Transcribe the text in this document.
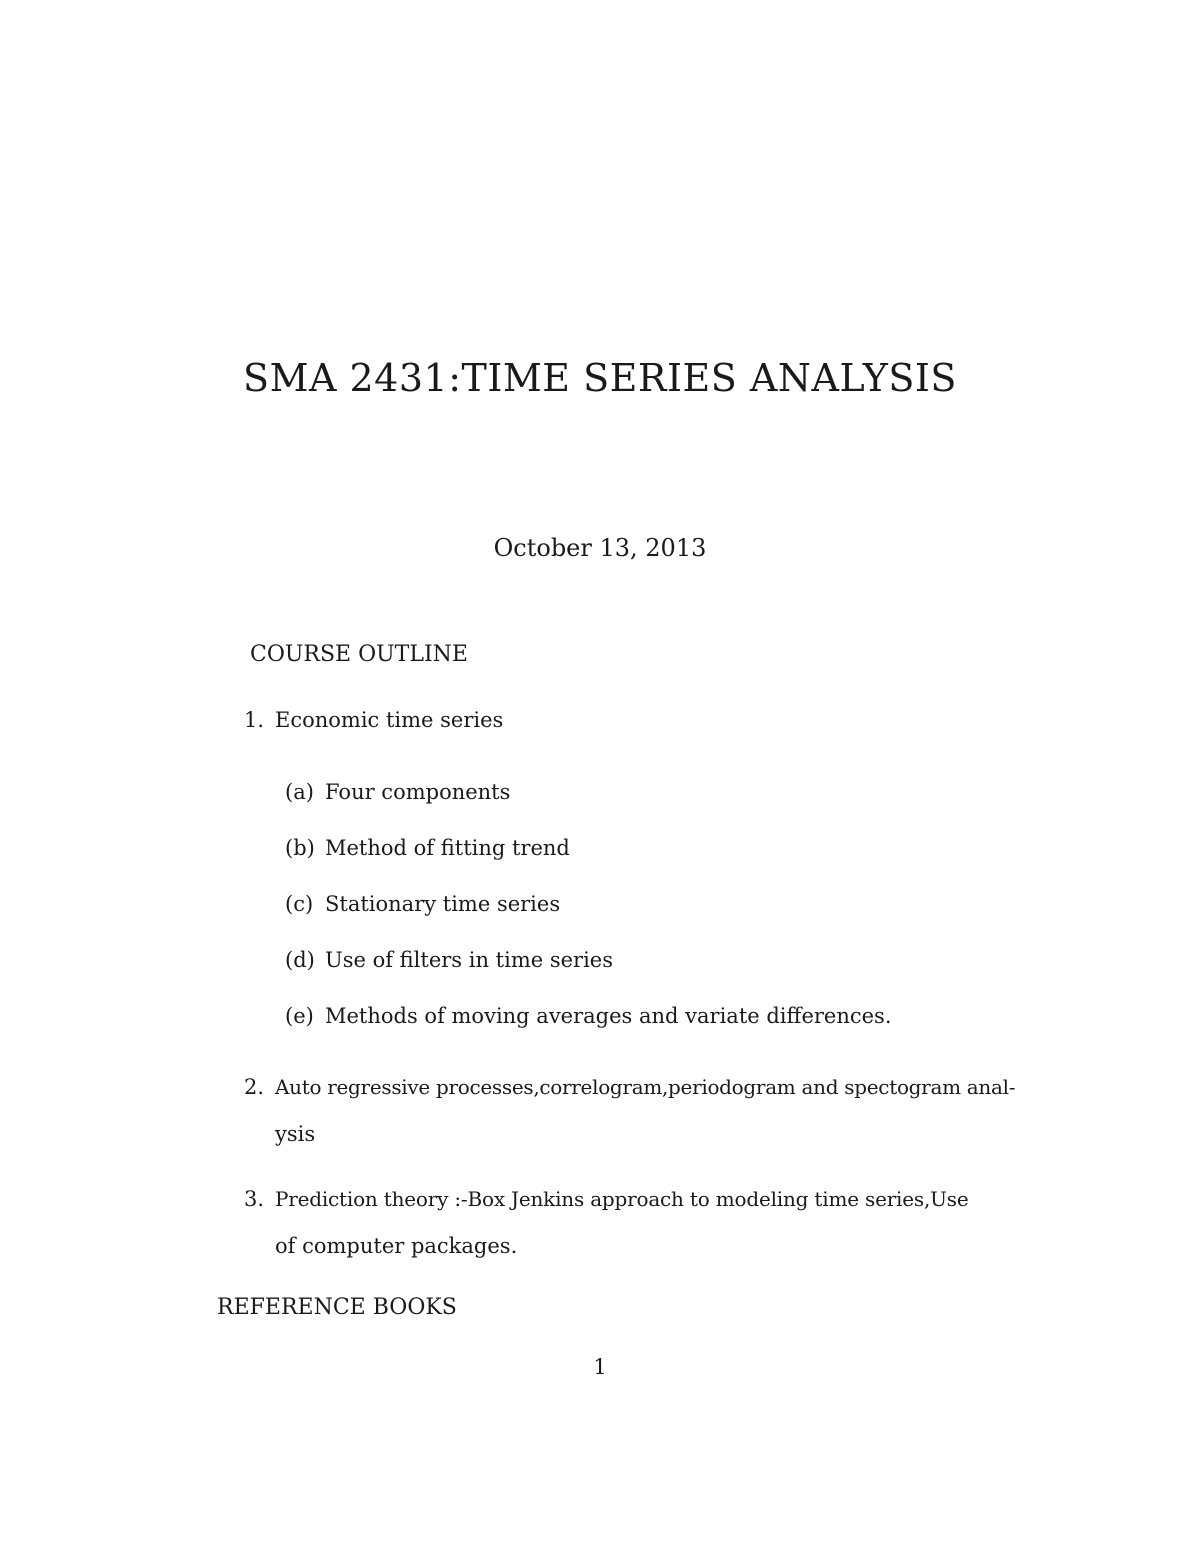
SMA 2431:TIME SERIES ANALYSIS
October 13, 2013
COURSE OUTLINE
1. Economic time series
(a) Four components
(b) Method of fitting trend
(c) Stationary time series
(d) Use of filters in time series
(e) Methods of moving averages and variate differences.
2. Auto regressive processes,correlogram,periodogram and spectogram anal-
ysis
3. Prediction theory :-Box Jenkins approach to modeling time series,Use
of computer packages.
REFERENCE BOOKS
1
